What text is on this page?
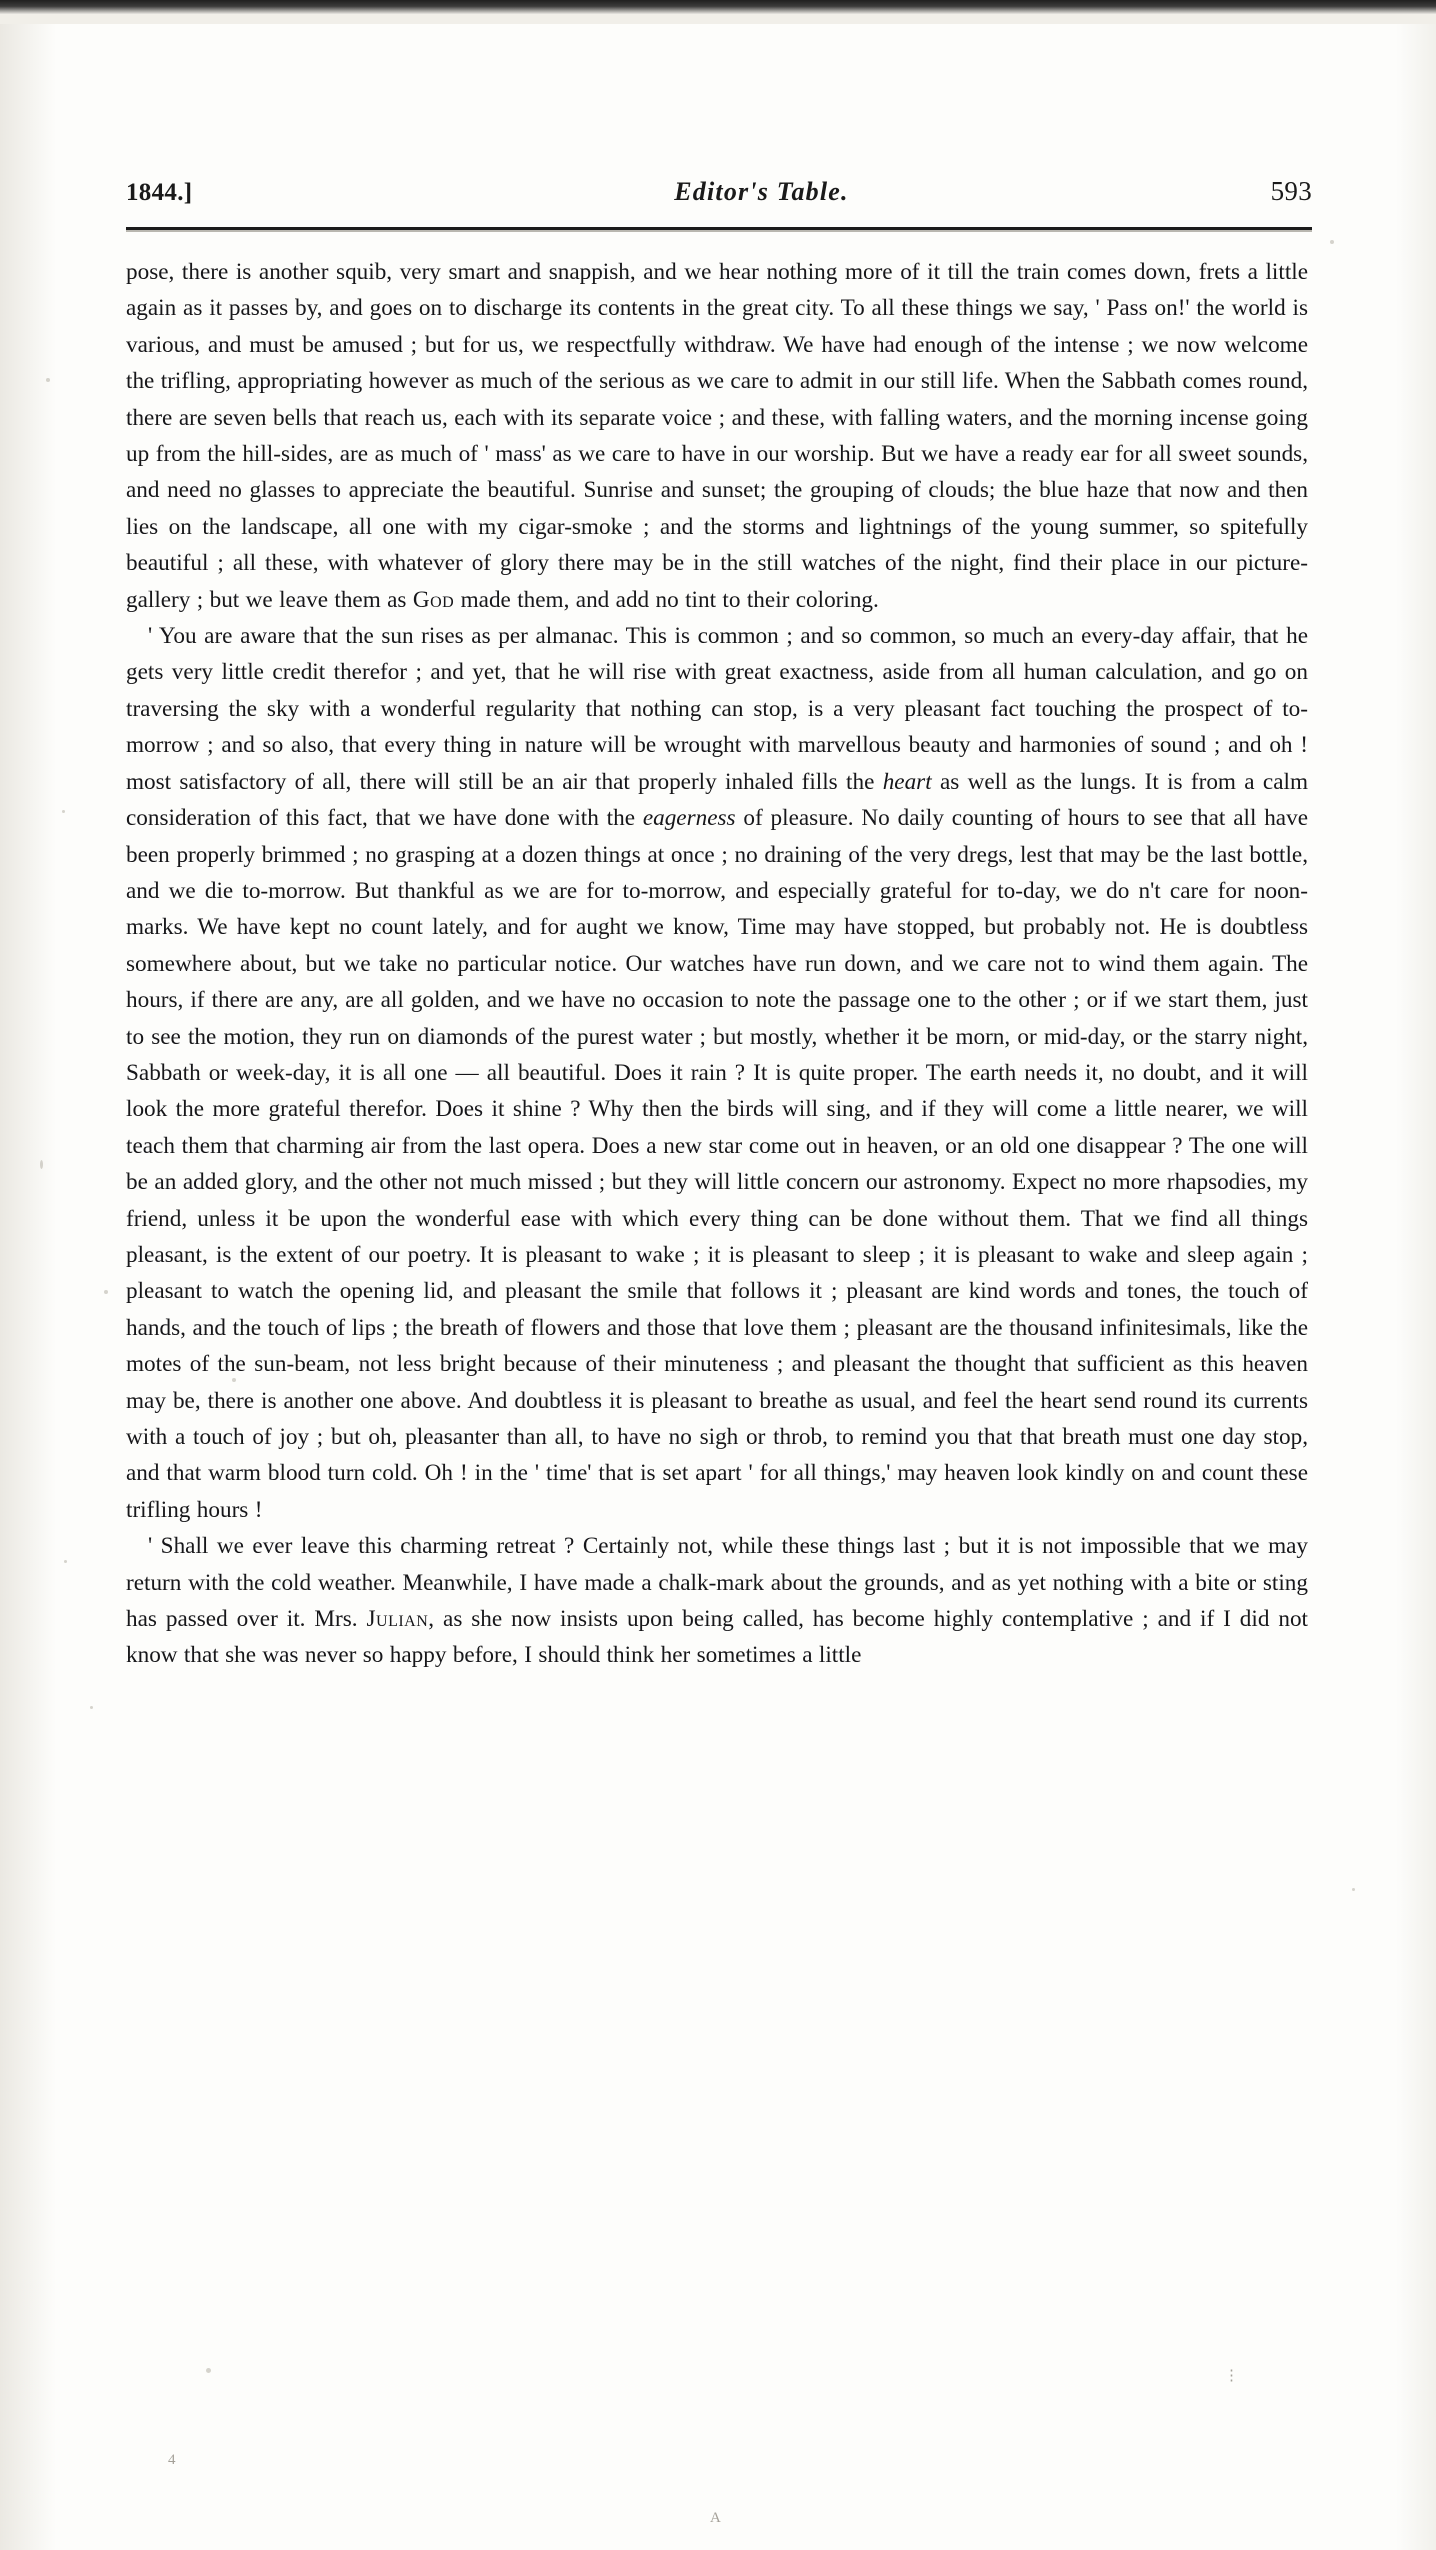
4
A
⋮
1844.]	Editor's Table.	593

pose, there is another squib, very smart and snappish, and we hear nothing more of it till the train comes down, frets a little again as it passes by, and goes on to discharge its contents in the great city. To all these things we say, ' Pass on!' the world is various, and must be amused ; but for us, we respectfully withdraw. We have had enough of the intense ; we now welcome the trifling, appropriating however as much of the serious as we care to admit in our still life. When the Sabbath comes round, there are seven bells that reach us, each with its separate voice ; and these, with falling waters, and the morning incense going up from the hill-sides, are as much of ' mass' as we care to have in our worship. But we have a ready ear for all sweet sounds, and need no glasses to appreciate the beautiful. Sunrise and sunset; the grouping of clouds; the blue haze that now and then lies on the landscape, all one with my cigar-smoke ; and the storms and lightnings of the young summer, so spitefully beautiful ; all these, with whatever of glory there may be in the still watches of the night, find their place in our picture-gallery ; but we leave them as God made them, and add no tint to their coloring.

' You are aware that the sun rises as per almanac. This is common ; and so common, so much an every-day affair, that he gets very little credit therefor ; and yet, that he will rise with great exactness, aside from all human calculation, and go on traversing the sky with a wonderful regularity that nothing can stop, is a very pleasant fact touching the prospect of to-morrow ; and so also, that every thing in nature will be wrought with marvellous beauty and harmonies of sound ; and oh ! most satisfactory of all, there will still be an air that properly inhaled fills the heart as well as the lungs. It is from a calm consideration of this fact, that we have done with the eagerness of pleasure. No daily counting of hours to see that all have been properly brimmed ; no grasping at a dozen things at once ; no draining of the very dregs, lest that may be the last bottle, and we die to-morrow. But thankful as we are for to-morrow, and especially grateful for to-day, we do n't care for noon-marks. We have kept no count lately, and for aught we know, Time may have stopped, but probably not. He is doubtless somewhere about, but we take no particular notice. Our watches have run down, and we care not to wind them again. The hours, if there are any, are all golden, and we have no occasion to note the passage one to the other ; or if we start them, just to see the motion, they run on diamonds of the purest water ; but mostly, whether it be morn, or mid-day, or the starry night, Sabbath or week-day, it is all one — all beautiful. Does it rain ? It is quite proper. The earth needs it, no doubt, and it will look the more grateful therefor. Does it shine ? Why then the birds will sing, and if they will come a little nearer, we will teach them that charming air from the last opera. Does a new star come out in heaven, or an old one disappear ? The one will be an added glory, and the other not much missed ; but they will little concern our astronomy. Expect no more rhapsodies, my friend, unless it be upon the wonderful ease with which every thing can be done without them. That we find all things pleasant, is the extent of our poetry. It is pleasant to wake ; it is pleasant to sleep ; it is pleasant to wake and sleep again ; pleasant to watch the opening lid, and pleasant the smile that follows it ; pleasant are kind words and tones, the touch of hands, and the touch of lips ; the breath of flowers and those that love them ; pleasant are the thousand infinitesimals, like the motes of the sun-beam, not less bright because of their minuteness ; and pleasant the thought that sufficient as this heaven may be, there is another one above. And doubtless it is pleasant to breathe as usual, and feel the heart send round its currents with a touch of joy ; but oh, pleasanter than all, to have no sigh or throb, to remind you that that breath must one day stop, and that warm blood turn cold. Oh ! in the ' time' that is set apart ' for all things,' may heaven look kindly on and count these trifling hours !

' Shall we ever leave this charming retreat ? Certainly not, while these things last ; but it is not impossible that we may return with the cold weather. Meanwhile, I have made a chalk-mark about the grounds, and as yet nothing with a bite or sting has passed over it. Mrs. Julian, as she now insists upon being called, has become highly contemplative ; and if I did not know that she was never so happy before, I should think her sometimes a little
